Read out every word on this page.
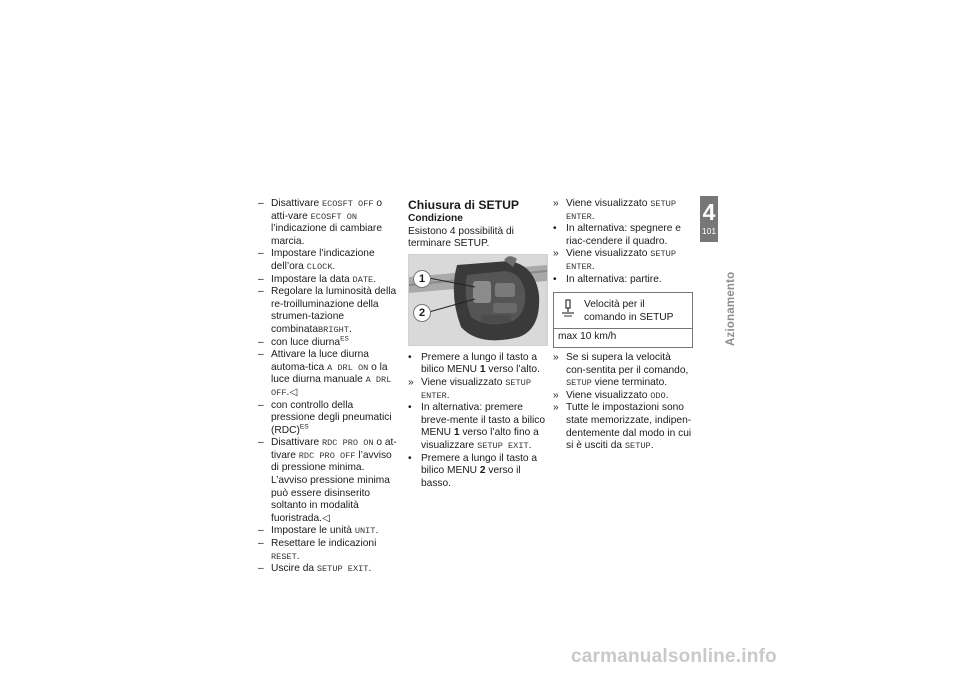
– Disattivare ECOSFT OFF o atti-vare ECOSFT ON l’indicazione di cambiare marcia.
– Impostare l’indicazione dell’ora CLOCK.
– Impostare la data DATE.
– Regolare la luminosità della re-troilluminazione della strumen-tazione combinataBRIGHT.
– con luce diurna$^{ES}$
– Attivare la luce diurna automa-tica A DRL ON o la luce diurna manuale A DRL OFF.◁
– con controllo della pressione degli pneumatici (RDC)$^{ES}$
– Disattivare RDC PRO ON o at-tivare RDC PRO OFF l’avviso di pressione minima. L’avviso pressione minima può essere disinserito soltanto in modalità fuoristrada.◁
– Impostare le unità UNIT.
– Resettare le indicazioni RESET.
– Uscire da SETUP EXIT.
Chiusura di SETUP
Condizione
Esistono 4 possibilità di terminare SETUP.
1
2
• Premere a lungo il tasto a bilico MENU 1 verso l’alto.
» Viene visualizzato SETUP ENTER.
• In alternativa: premere breve-mente il tasto a bilico MENU 1 verso l’alto fino a visualizzare SETUP EXIT.
• Premere a lungo il tasto a bilico MENU 2 verso il basso.
» Viene visualizzato SETUP ENTER.
• In alternativa: spegnere e riac-cendere il quadro.
» Viene visualizzato SETUP ENTER.
• In alternativa: partire.
Velocità per il comando in SETUP
max 10 km/h
» Se si supera la velocità con-sentita per il comando, SETUP viene terminato.
» Viene visualizzato ODO.
» Tutte le impostazioni sono state memorizzate, indipen-dentemente dal modo in cui si è usciti da SETUP.
4
101
Azionamento
carmanualsonline.info
